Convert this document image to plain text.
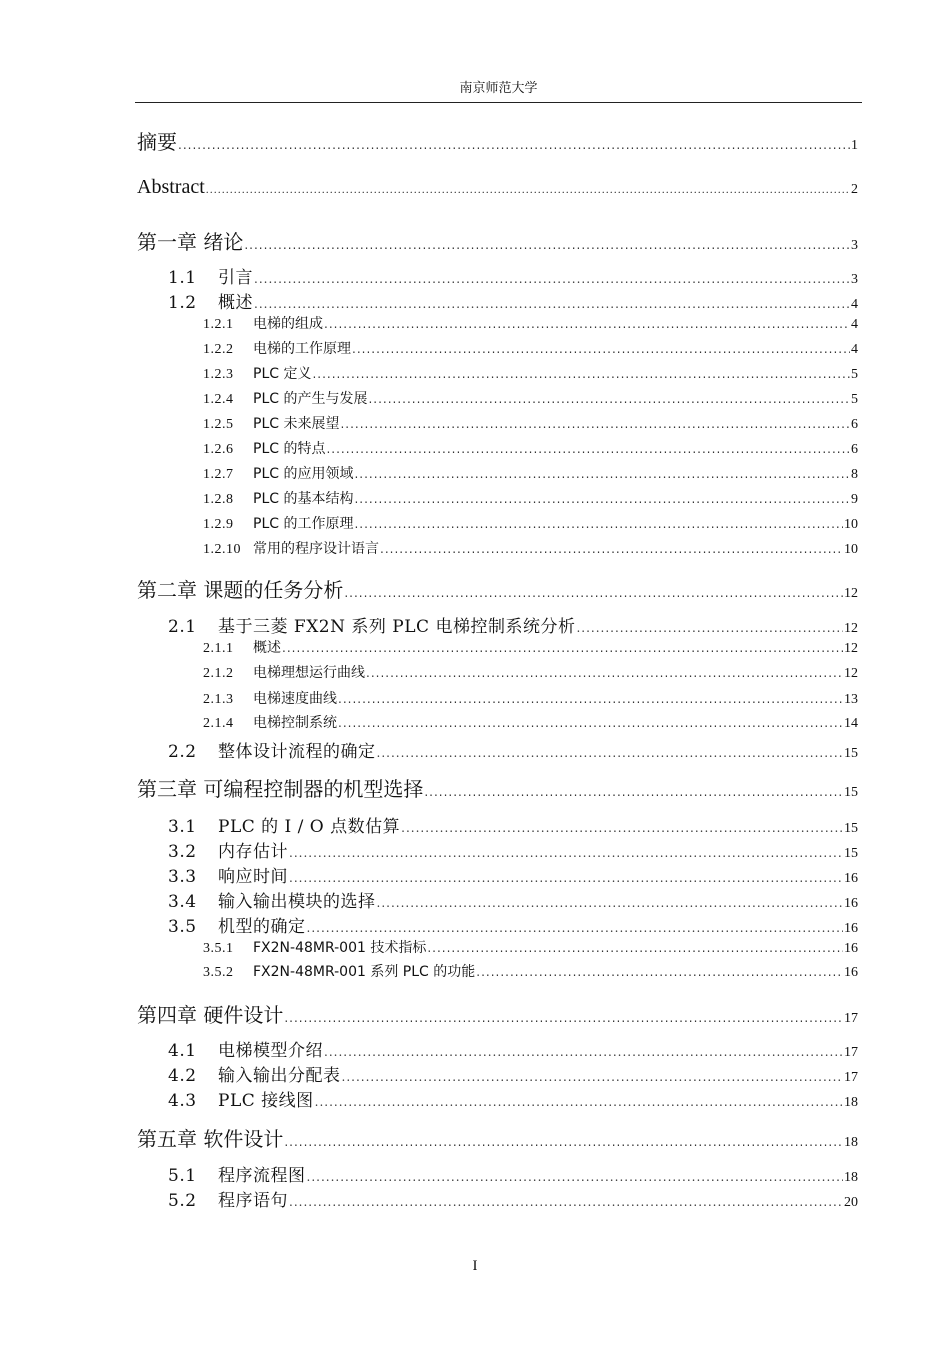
南京师范大学
摘要 .....	1
Abstract .....	2
第一章 绪论 .....	3
1.1 引言 .....	3
1.2 概述 .....	4
1.2.1 电梯的组成 .....	4
1.2.2 电梯的工作原理 .....	4
1.2.3 PLC 定义 .....	5
1.2.4 PLC 的产生与发展 .....	5
1.2.5 PLC 未来展望 .....	6
1.2.6 PLC 的特点 .....	6
1.2.7 PLC 的应用领域 .....	8
1.2.8 PLC 的基本结构 .....	9
1.2.9 PLC 的工作原理 .....	10
1.2.10 常用的程序设计语言 .....	10
第二章 课题的任务分析 .....	12
2.1 基于三菱 FX2N 系列 PLC 电梯控制系统分析 .....	12
2.1.1 概述 .....	12
2.1.2 电梯理想运行曲线 .....	12
2.1.3 电梯速度曲线 .....	13
2.1.4 电梯控制系统 .....	14
2.2 整体设计流程的确定 .....	15
第三章 可编程控制器的机型选择 .....	15
3.1 PLC 的 I / O 点数估算 .....	15
3.2 内存估计 .....	15
3.3 响应时间 .....	16
3.4 输入输出模块的选择 .....	16
3.5 机型的确定 .....	16
3.5.1 FX2N-48MR-001 技术指标 .....	16
3.5.2 FX2N-48MR-001 系列 PLC 的功能 .....	16
第四章 硬件设计 .....	17
4.1 电梯模型介绍 .....	17
4.2 输入输出分配表 .....	17
4.3 PLC 接线图 .....	18
第五章 软件设计 .....	18
5.1 程序流程图 .....	18
5.2 程序语句 .....	20
I
